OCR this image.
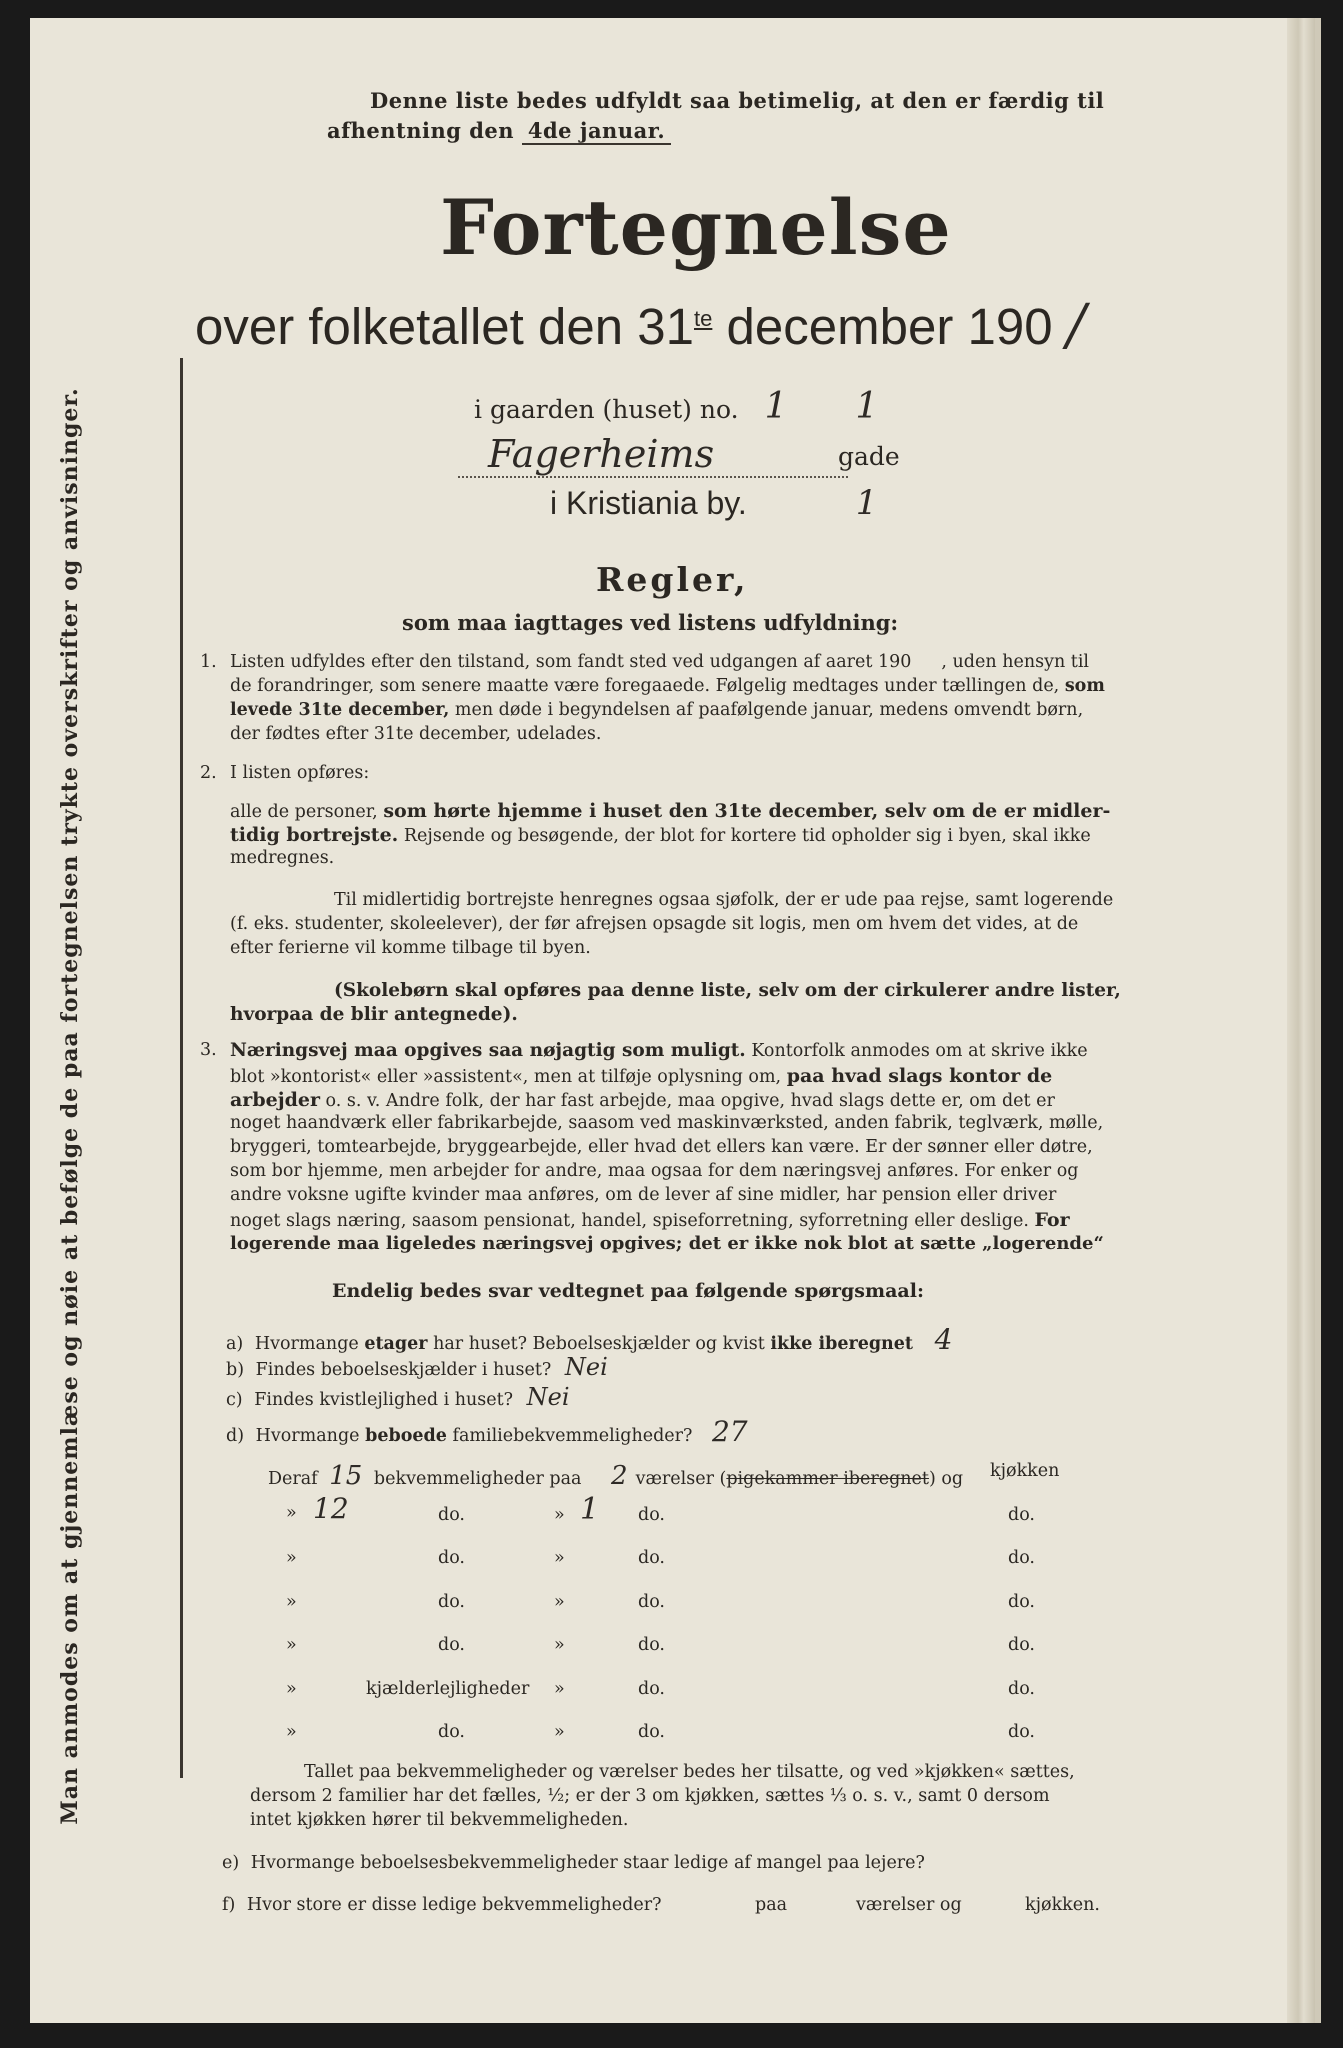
Man anmodes om at gjennemlæse og nøie at befølge de paa fortegnelsen trykte overskrifter og anvisninger.
Denne liste bedes udfyldt saa betimelig, at den er færdig til
afhentning den 4de januar.
Fortegnelse
over folketallet den $31^{te}$ december 190 /
i gaarden (huset) no. 1 1
Fagerheims	gade
i Kristiania by.	1
Regler,
som maa iagttages ved listens udfyldning:
1. Listen udfyldes efter den tilstand, som fandt sted ved udgangen af aaret 190 , uden hensyn til
de forandringer, som senere maatte være foregaaede. Følgelig medtages under tællingen de, som
levede 31te december, men døde i begyndelsen af paafølgende januar, medens omvendt børn,
der fødtes efter 31te december, udelades.
2. I listen opføres:
alle de personer, som hørte hjemme i huset den 31te december, selv om de er midler-
tidig bortrejste. Rejsende og besøgende, der blot for kortere tid opholder sig i byen, skal ikke
medregnes.
Til midlertidig bortrejste henregnes ogsaa sjøfolk, der er ude paa rejse, samt logerende
(f. eks. studenter, skoleelever), der før afrejsen opsagde sit logis, men om hvem det vides, at de
efter ferierne vil komme tilbage til byen.
(Skolebørn skal opføres paa denne liste, selv om der cirkulerer andre lister,
hvorpaa de blir antegnede).
3. Næringsvej maa opgives saa nøjagtig som muligt. Kontorfolk anmodes om at skrive ikke
blot »kontorist« eller »assistent«, men at tilføje oplysning om, paa hvad slags kontor de
arbejder o. s. v. Andre folk, der har fast arbejde, maa opgive, hvad slags dette er, om det er
noget haandværk eller fabrikarbejde, saasom ved maskinværksted, anden fabrik, teglværk, mølle,
bryggeri, tomtearbejde, bryggearbejde, eller hvad det ellers kan være. Er der sønner eller døtre,
som bor hjemme, men arbejder for andre, maa ogsaa for dem næringsvej anføres. For enker og
andre voksne ugifte kvinder maa anføres, om de lever af sine midler, har pension eller driver
noget slags næring, saasom pensionat, handel, spiseforretning, syforretning eller deslige. For
logerende maa ligeledes næringsvej opgives; det er ikke nok blot at sætte „logerende“
Endelig bedes svar vedtegnet paa følgende spørgsmaal:
a) Hvormange etager har huset? Beboelseskjælder og kvist ikke iberegnet 4
b) Findes beboelseskjælder i huset? Nei
c) Findes kvistlejlighed i huset? Nei
d) Hvormange beboede familiebekvemmeligheder? 27
Deraf 15 bekvemmeligheder paa 2 værelser (pigekammer iberegnet) og kjøkken
» 12	do.	» 1 do.	do.
»	do.	»	do.	do.
»	do.	»	do.	do.
»	do.	»	do.	do.
»	kjælderlejligheder »	do.	do.
»	do.	»	do.	do.
Tallet paa bekvemmeligheder og værelser bedes her tilsatte, og ved »kjøkken« sættes,
dersom 2 familier har det fælles, ½; er der 3 om kjøkken, sættes ⅓ o. s. v., samt 0 dersom
intet kjøkken hører til bekvemmeligheden.
e) Hvormange beboelsesbekvemmeligheder staar ledige af mangel paa lejere?
f) Hvor store er disse ledige bekvemmeligheder?	paa	værelser og	kjøkken.
